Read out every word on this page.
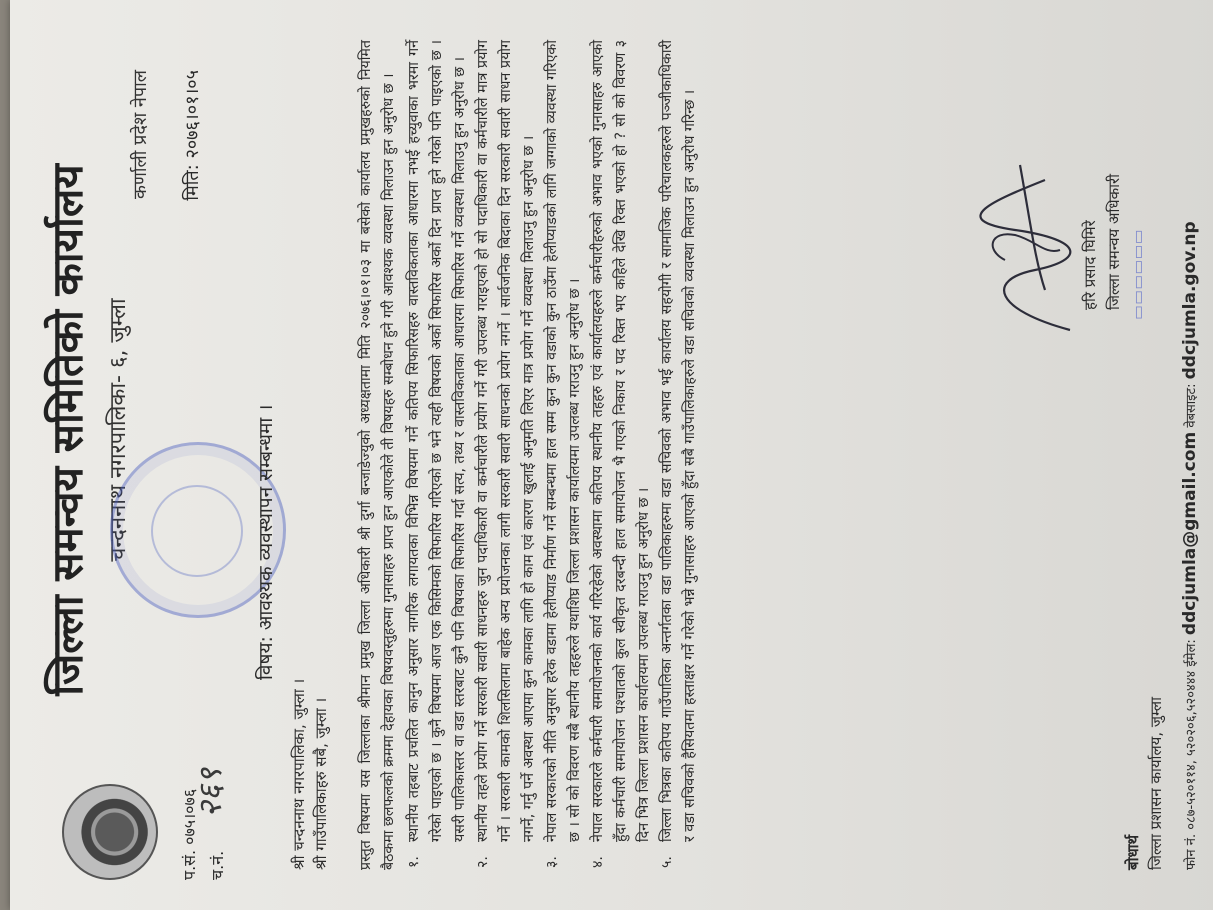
जिल्ला समन्वय समितिको कार्यालय चन्दननाथ नगरपालिका- ६, जुम्ला
कर्णाली प्रदेश नेपाल
प.सं. ०७५।०७६ च.नं.
२६९
मिति: २०७६।०१।०५
विषय: आवश्यक व्यवस्थापन सम्बन्धमा ।
श्री चन्दननाथ नगरपालिका, जुम्ला । श्री गाउँपालिकाहरु सबै, जुम्ला । प्रस्तुत विषयमा यस जिल्लाका श्रीमान प्रमुख जिल्ला अधिकारी श्री दुर्गा बन्जाडेज्युको अध्यक्षतामा मिति २०७६।०१।०३ मा बसेको कार्यालय प्रमुखहरुको नियमित बैठकमा छलफलको क्रममा देहायका विषयवस्तुहरुमा गुनासाहरु प्राप्त हुन आएकोले ती विषयहरु सम्बोधन हुने गरी आवश्यक व्यवस्था मिलाउन हुन अनुरोध छ । १.
स्थानीय तहबाट प्रचलित कानुन अनुसार नागरिक लगायतका विभिन्न विषयमा गर्ने कतिपय सिफारिसहरु वास्तविकताका आधारमा नभई हच्युवाका भरमा गर्ने गरेको पाइएको छ । कुनै विषयमा आज एक किसिमको सिफारिस गरिएको छ भने त्यही विषयको अर्को सिफारिस अर्को दिन प्राप्त हुने गरेको पनि पाइएको छ । यसरी पालिकास्तर वा वडा स्तरबाट कुनै पनि विषयका सिफारिस गर्दा सत्य, तथ्य र वास्तविकताका आधारमा सिफारिस गर्ने व्यवस्था मिलाउनु हुन अनुरोध छ ।
२.
स्थानीय तहले प्रयोग गर्ने सरकारी सवारी साधनहरु जुन पदाधिकारी वा कर्मचारीले प्रयोग गर्ने गरी उपलब्ध गराइएको हो सो पदाधिकारी वा कर्मचारीले मात्र प्रयोग गर्ने । सरकारी कामको शिलसिलामा बाहेक अन्य प्रयोजनका लागी सरकारी सवारी साधनको प्रयोग नगर्ने । सार्वजनिक बिदाका दिन सरकारी सवारी साधन प्रयोग नगर्ने, गर्नु पर्ने अवस्था आएमा कुन कामका लागि हो काम एवं कारण खुलाई अनुमति लिएर मात्र प्रयोग गर्ने व्यवस्था मिलाउनु हुन अनुरोध छ ।
३.
नेपाल सरकारको नीति अनुसार हरेक वडामा हेलीप्याड निर्माण गर्ने सम्बन्धमा हाल सम्म कुन कुन वडाको कुन ठाउँमा हेलीप्याडको लागि जग्गाको व्यवस्था गरिएको छ । सो को विवरण सबै स्थानीय तहहरुले यथाशिघ्र जिल्ला प्रशासन कार्यालयमा उपलब्ध गराउनु हुन अनुरोध छ ।
४.
नेपाल सरकारले कर्मचारी समायोजनको कार्य गरिरहेको अवस्थामा कतिपय स्थानीय तहहरु एवं कार्यालयहरुले कर्मचारीहरुको अभाव भएको गुनासाहरु आएको हुँदा कर्मचारी समायोजन पश्चातको कुल स्वीकृत दरबन्दी हाल समायोजन भै गएको निकाय र पद रिक्त भए कहिले देखि रिक्त भएको हो ? सो को विवरण ३ दिन भित्र जिल्ला प्रशासन कार्यालयमा उपलब्ध गराउनु हुन अनुरोध छ ।
५.
जिल्ला भित्रका कतिपय गाउँपालिका अन्तर्गतका वडा पालिकाहरुमा वडा सचिवको अभाव भई कार्यालय सहयोगी र सामाजिक परिचालकहरुले पञ्जीकाधिकारी र वडा सचिवको हैसियतमा हस्ताक्षर गर्ने गरेको भन्ने गुनासाहरु आएको हुँदा सबै गाउँपालिकाहरुले वडा सचिवको व्यवस्था मिलाउन हुन अनुरोध गरिन्छ ।	हरि प्रसाद घिमिरे जिल्ला समन्वय अधिकारी ▭▭▭▭▭▭
बोधार्थ जिल्ला प्रशासन कार्यालय, जुम्ला	फोन नं. ०८७-५२०११४, ५२०२०६,५२०४४४ ईमेल: ddcjumla@gmail.com वेबसाइट: ddcjumla.gov.np
